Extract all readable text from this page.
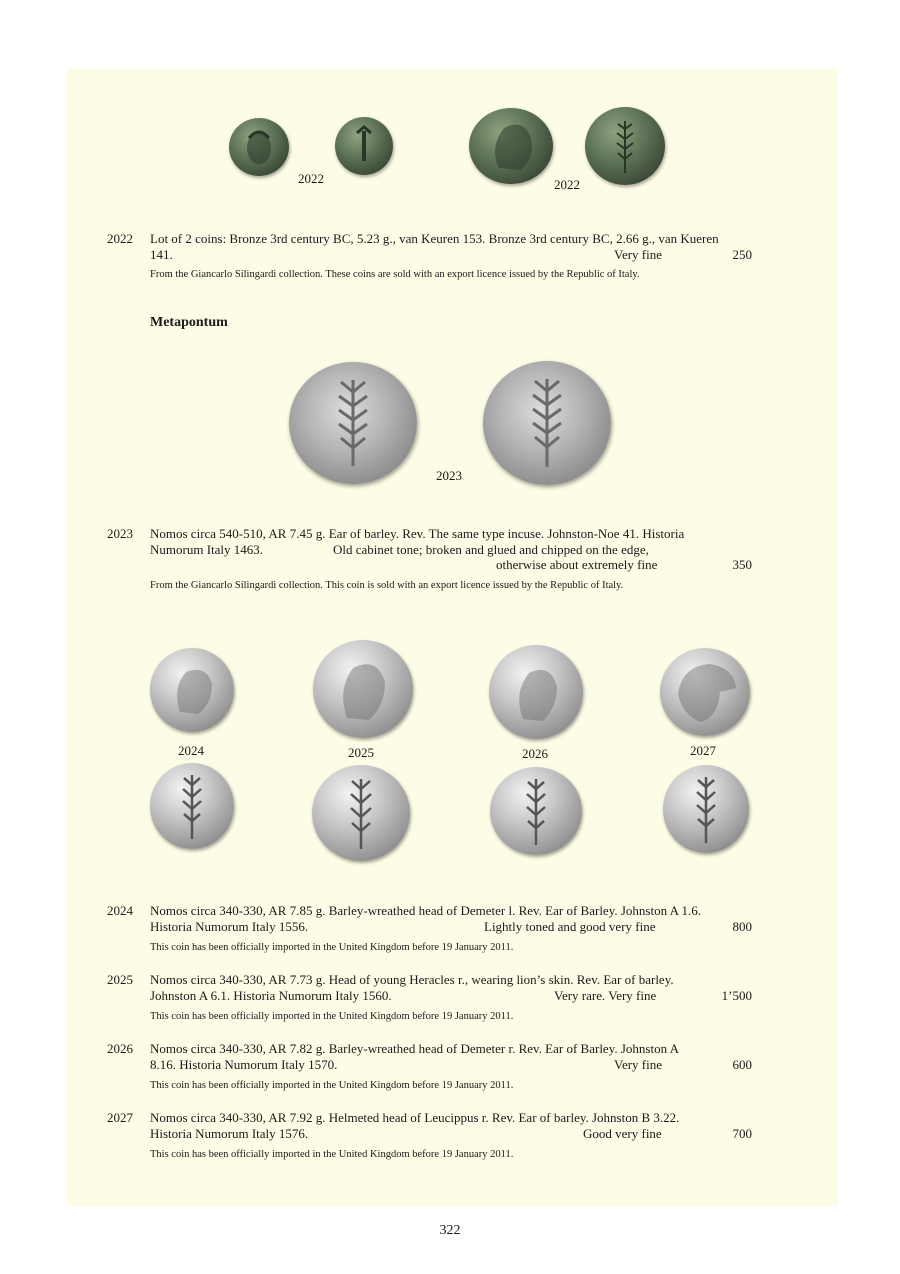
2022	2022
2022 Lot of 2 coins: Bronze 3rd century BC, 5.23 g., van Keuren 153. Bronze 3rd century BC, 2.66 g., van Kueren
141.	Very fine	250
From the Giancarlo Silingardi collection. These coins are sold with an export licence issued by the Republic of Italy.
Metapontum
2023
2023 Nomos circa 540-510, AR 7.45 g. Ear of barley. Rev. The same type incuse. Johnston-Noe 41. Historia
Numorum Italy 1463.	Old cabinet tone; broken and glued and chipped on the edge,
otherwise about extremely fine	350
From the Giancarlo Silingardi collection. This coin is sold with an export licence issued by the Republic of Italy.
2024	2025	2026	2027
2024 Nomos circa 340-330, AR 7.85 g. Barley-wreathed head of Demeter l. Rev. Ear of Barley. Johnston A 1.6.
Historia Numorum Italy 1556.	Lightly toned and good very fine	800
This coin has been officially imported in the United Kingdom before 19 January 2011.
2025 Nomos circa 340-330, AR 7.73 g. Head of young Heracles r., wearing lion’s skin. Rev. Ear of barley.
Johnston A 6.1. Historia Numorum Italy 1560.	Very rare. Very fine	1’500
This coin has been officially imported in the United Kingdom before 19 January 2011.
2026 Nomos circa 340-330, AR 7.82 g. Barley-wreathed head of Demeter r. Rev. Ear of Barley. Johnston A
8.16. Historia Numorum Italy 1570.	Very fine	600
This coin has been officially imported in the United Kingdom before 19 January 2011.
2027 Nomos circa 340-330, AR 7.92 g. Helmeted head of Leucippus r. Rev. Ear of barley. Johnston B 3.22.
Historia Numorum Italy 1576.	Good very fine	700
This coin has been officially imported in the United Kingdom before 19 January 2011.
322
